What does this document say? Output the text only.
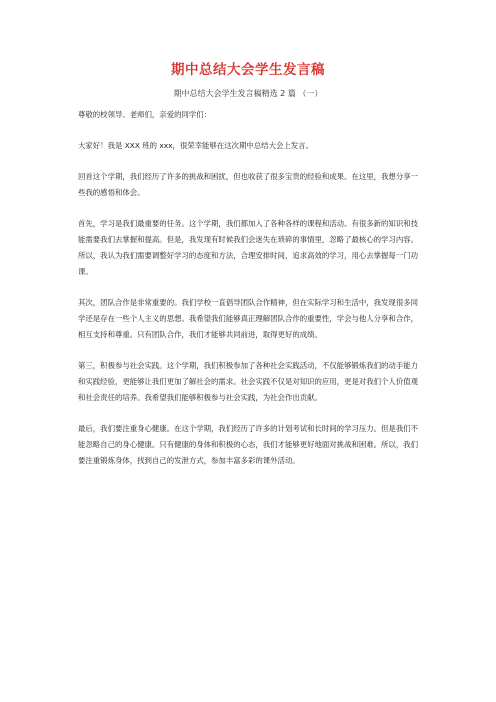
期中总结大会学生发言稿
期中总结大会学生发言稿精选 2 篇 （一）

尊敬的校领导、老师们，亲爱的同学们：

大家好！我是 XXX 班的 xxx，很荣幸能够在这次期中总结大会上发言。

回首这个学期，我们经历了许多的挑战和困扰，但也收获了很多宝贵的经验和成果。在这里，我想分享一些我的感悟和体会。

首先，学习是我们最重要的任务。这个学期，我们都加入了各种各样的课程和活动。有很多新的知识和技能需要我们去掌握和提高。但是，我发现有时候我们会迷失在琐碎的事情里，忽略了最核心的学习内容。所以，我认为我们需要调整好学习的态度和方法，合理安排时间，追求高效的学习，用心去掌握每一门功课。

其次，团队合作是非常重要的。我们学校一直倡导团队合作精神，但在实际学习和生活中，我发现很多同学还是存在一些个人主义的思想。我希望我们能够真正理解团队合作的重要性，学会与他人分享和合作，相互支持和尊重。只有团队合作，我们才能够共同前进，取得更好的成绩。

第三，积极参与社会实践。这个学期，我们积极参加了各种社会实践活动，不仅能够锻炼我们的动手能力和实践经验，更能够让我们更加了解社会的需求。社会实践不仅是对知识的应用，更是对我们个人价值观和社会责任的培养。我希望我们能够积极参与社会实践，为社会作出贡献。

最后，我们要注重身心健康。在这个学期，我们经历了许多的计划考试和长时间的学习压力。但是我们不能忽略自己的身心健康。只有健康的身体和积极的心态，我们才能够更好地面对挑战和困难。所以，我们要注重锻炼身体，找到自己的发泄方式，参加丰富多彩的课外活动。
